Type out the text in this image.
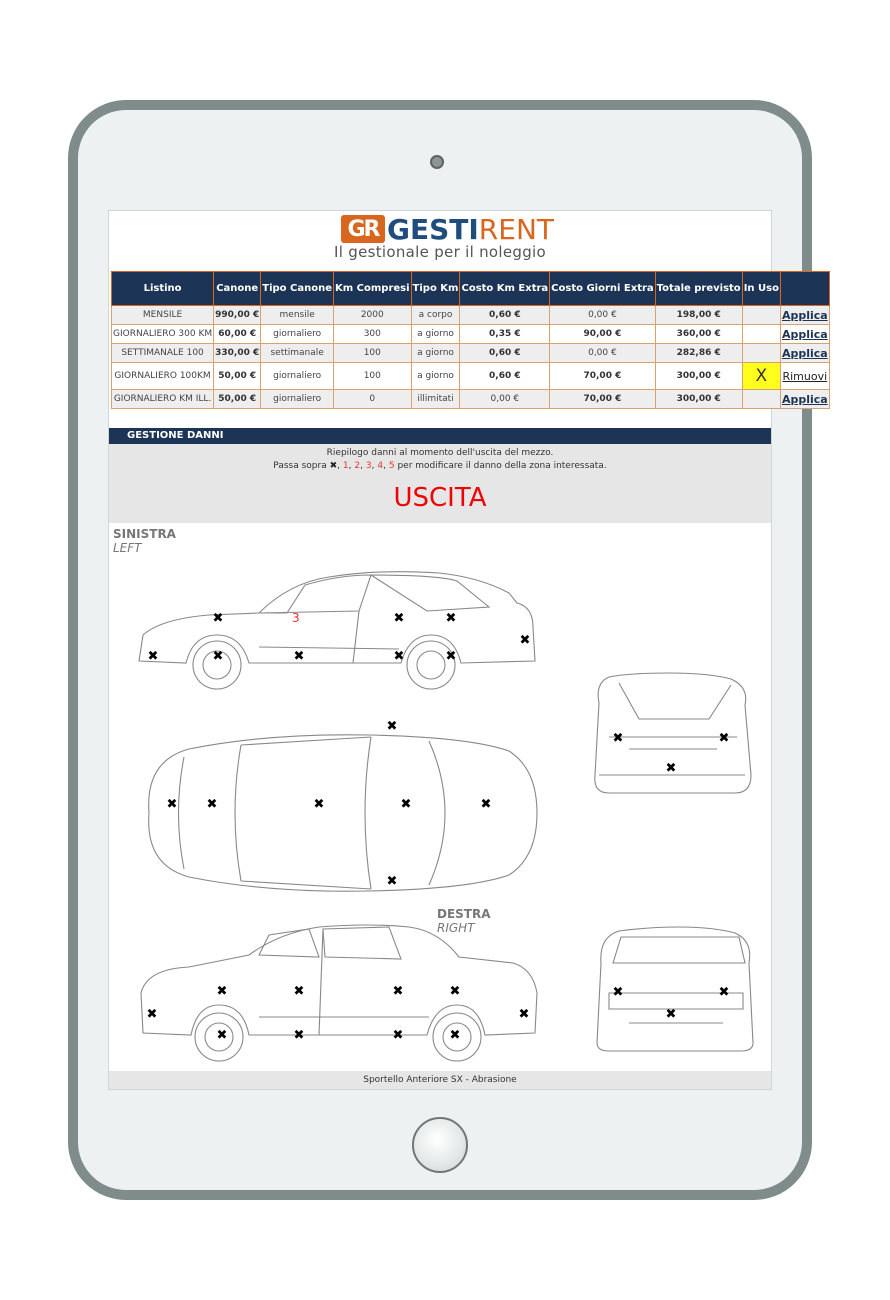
GR GESTIRENT
Il gestionale per il noleggio
Listino	Canone	Tipo Canone	Km Compresi	Tipo Km	Costo Km Extra	Costo Giorni Extra	Totale previsto	In Uso	
MENSILE	990,00 €	mensile	2000	a corpo	0,60 €	0,00 €	198,00 €		Applica
GIORNALIERO 300 KM	60,00 €	giornaliero	300	a giorno	0,35 €	90,00 €	360,00 €		Applica
SETTIMANALE 100	330,00 €	settimanale	100	a giorno	0,60 €	0,00 €	282,86 €		Applica
GIORNALIERO 100KM	50,00 €	giornaliero	100	a giorno	0,60 €	70,00 €	300,00 €	X	Rimuovi
GIORNALIERO KM ILL.	50,00 €	giornaliero	0	illimitati	0,00 €	70,00 €	300,00 €		Applica
GESTIONE DANNI
Riepilogo danni al momento dell'uscita del mezzo.
Passa sopra ✖, 1, 2, 3, 4, 5 per modificare il danno della zona interessata.
USCITA
SINISTRA
LEFT
DESTRA
RIGHT
3
✖	✖	✖
✖
✖	✖	✖	✖	✖
✖
✖ ✖	✖	✖	✖
✖
✖	✖
✖
✖	✖	✖	✖
✖	✖
✖	✖	✖	✖
✖	✖
✖
Sportello Anteriore SX - Abrasione
